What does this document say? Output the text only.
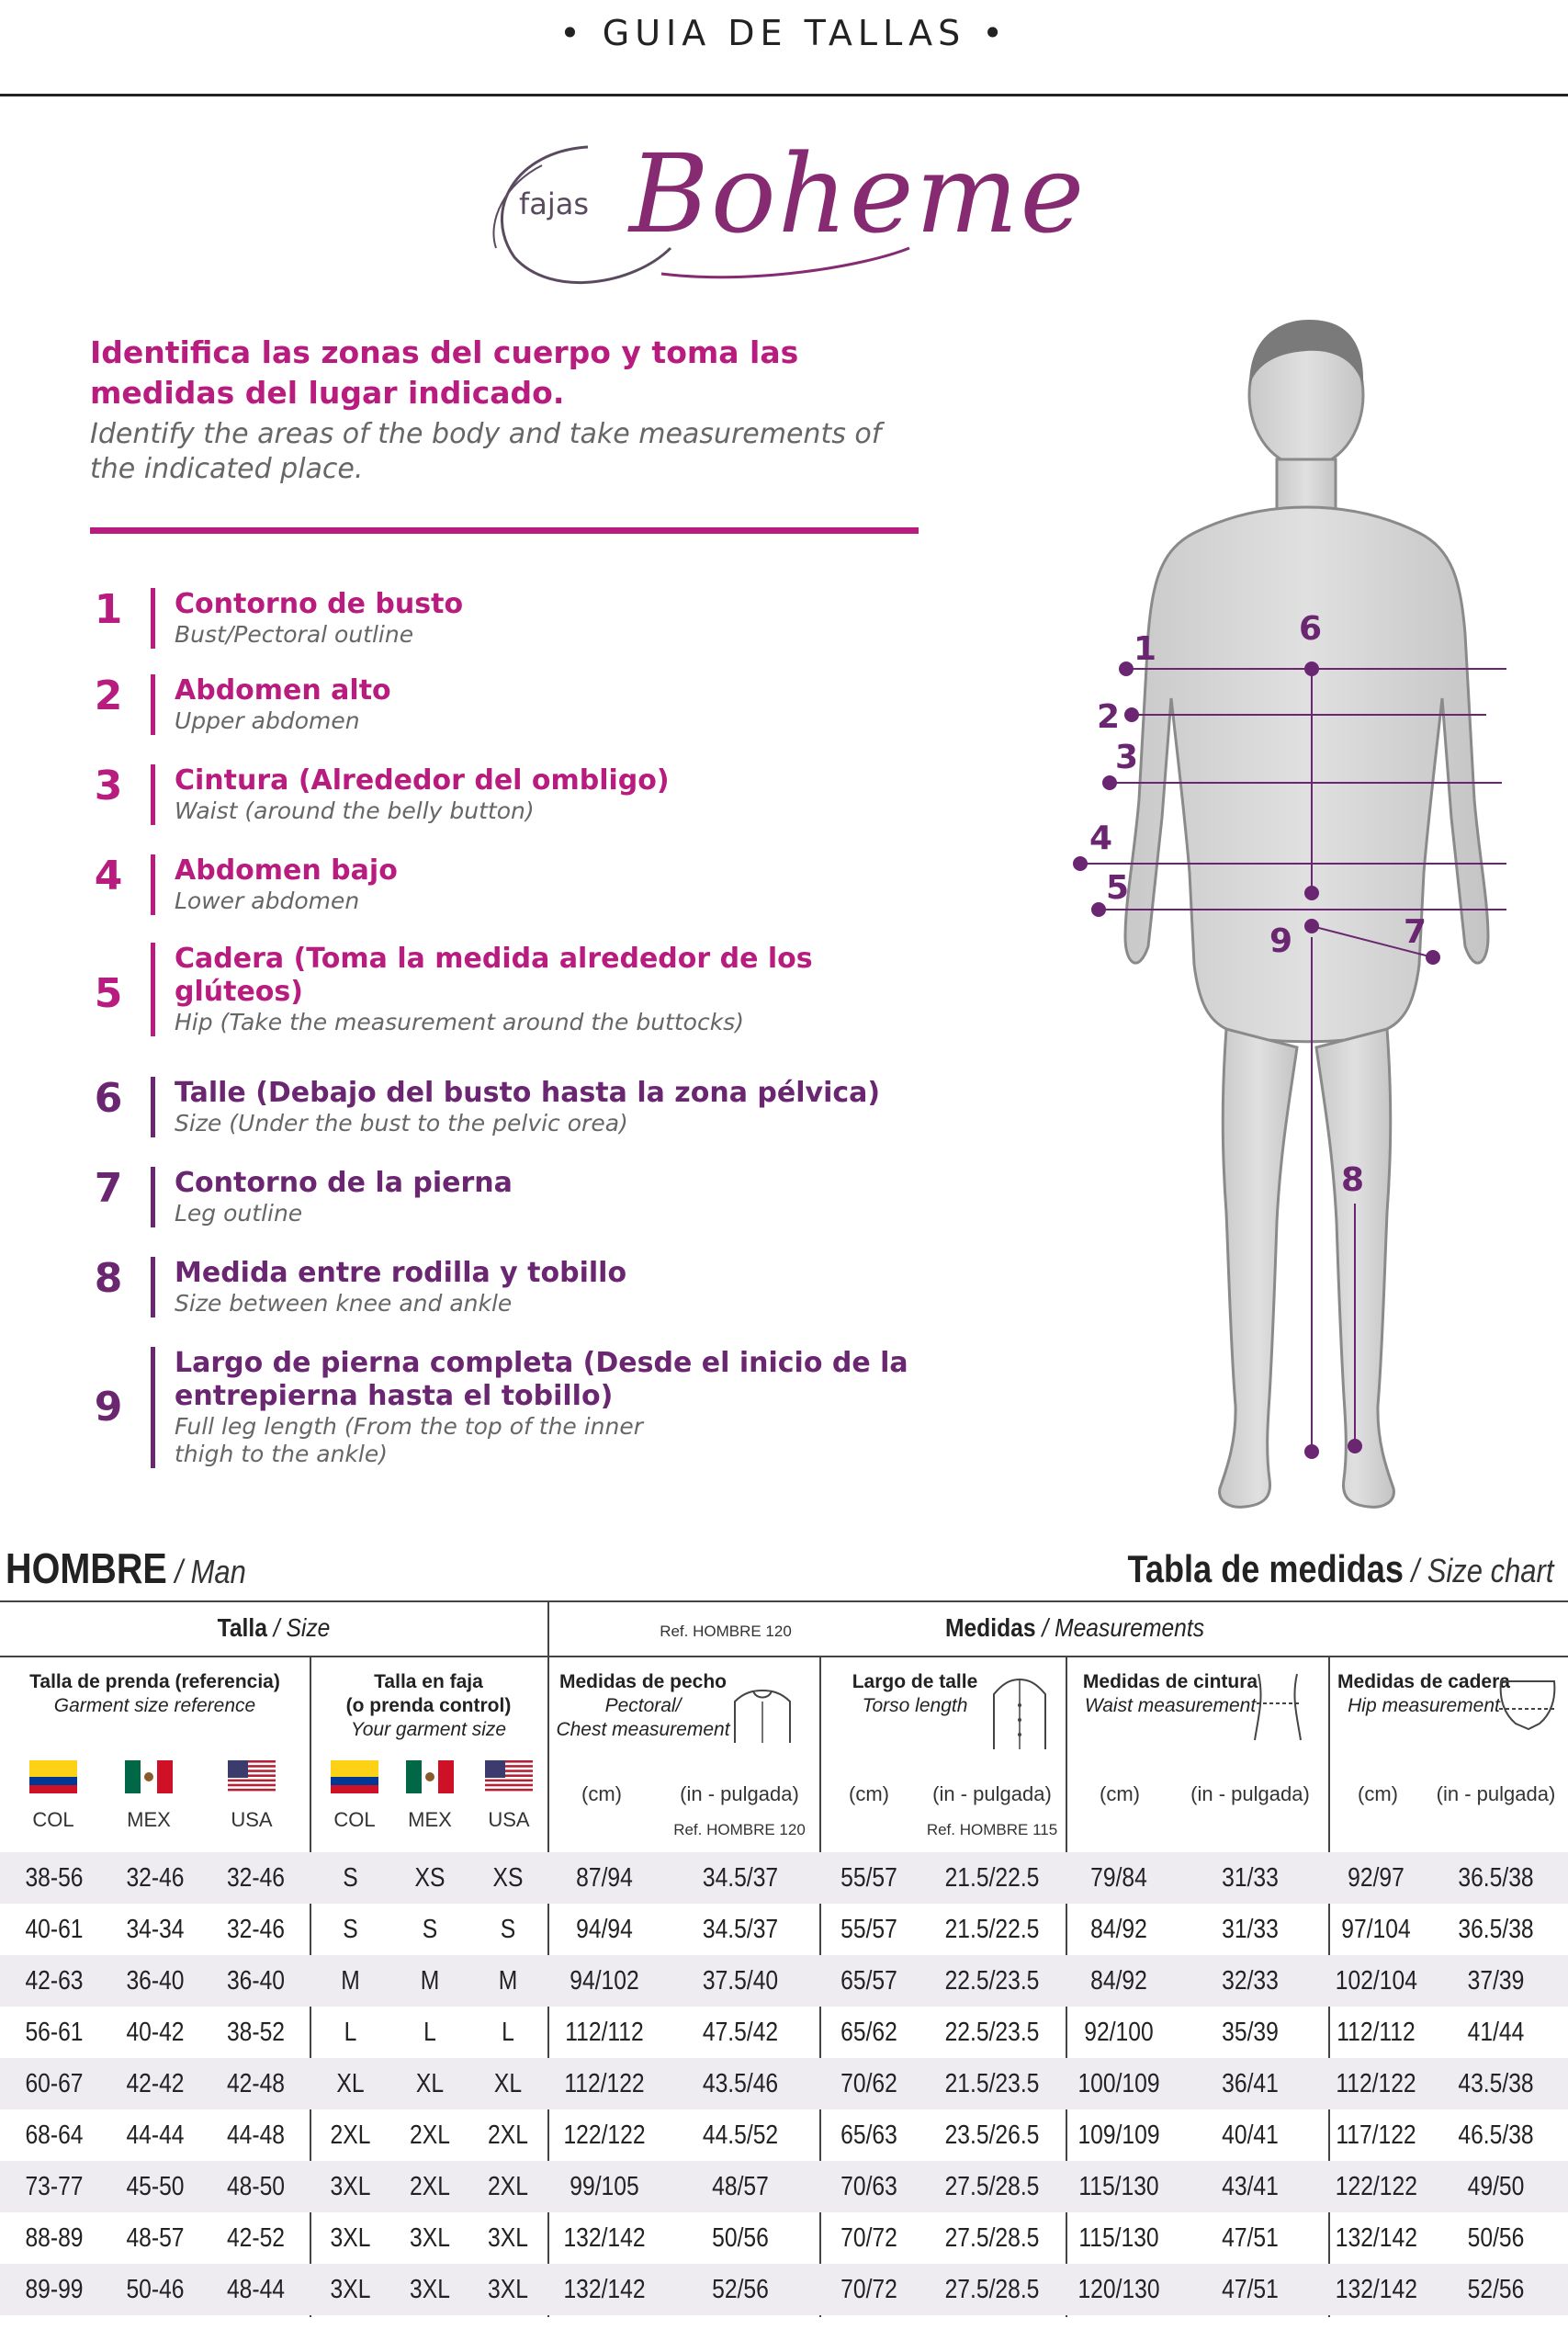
• GUIA DE TALLAS •
fajas Boheme
Identifica las zonas del cuerpo y toma las medidas del lugar indicado.
Identify the areas of the body and take measurements of the indicated place.
1 Contorno de busto
Bust/Pectoral outline
2 Abdomen alto
Upper abdomen
3 Cintura (Alrededor del ombligo)
Waist (around the belly button)
4 Abdomen bajo
Lower abdomen
5
Cadera (Toma la medida alrededor de los glúteos)
Hip (Take the measurement around the buttocks)
6 Talle (Debajo del busto hasta la zona pélvica)
Size (Under the bust to the pelvic orea)
7 Contorno de la pierna
Leg outline
8 Medida entre rodilla y tobillo
Size between knee and ankle
9
Largo de pierna completa (Desde el inicio de la entrepierna hasta el tobillo)
Full leg length (From the top of the inner thigh to the ankle)
1
2
3
4
5
6
7
8
9
HOMBRE / Man	Tabla de medidas / Size chart
Talla / Size	Ref. HOMBRE 120	Medidas / Measurements
Talla de prenda (referencia)
Garment size reference
Talla en faja
(o prenda control)
Your garment size
Medidas de pecho
Pectoral/
Chest measurement
Largo de talle
Torso length
Medidas de cintura
Waist measurement
Medidas de cadera
Hip measurement
COL	MEX	USA	COL	MEX	USA
(cm)	(in - pulgada)
Ref. HOMBRE 120
(cm)	(in - pulgada)
Ref. HOMBRE 115
(cm)	(in - pulgada)	(cm)	(in - pulgada)
38-56	32-46	32-46	S	XS	XS	87/94	34.5/37	55/57	21.5/22.5	79/84	31/33	92/97	36.5/38
40-61	34-34	32-46	S	S	S	94/94	34.5/37	55/57	21.5/22.5	84/92	31/33	97/104	36.5/38
42-63	36-40	36-40	M	M	M	94/102	37.5/40	65/57	22.5/23.5	84/92	32/33	102/104	37/39
56-61	40-42	38-52	L	L	L	112/112	47.5/42	65/62	22.5/23.5	92/100	35/39	112/112	41/44
60-67	42-42	42-48	XL	XL	XL	112/122	43.5/46	70/62	21.5/23.5	100/109	36/41	112/122	43.5/38
68-64	44-44	44-48	2XL	2XL	2XL	122/122	44.5/52	65/63	23.5/26.5	109/109	40/41	117/122	46.5/38
73-77	45-50	48-50	3XL	2XL	2XL	99/105	48/57	70/63	27.5/28.5	115/130	43/41	122/122	49/50
88-89	48-57	42-52	3XL	3XL	3XL	132/142	50/56	70/72	27.5/28.5	115/130	47/51	132/142	50/56
89-99	50-46	48-44	3XL	3XL	3XL	132/142	52/56	70/72	27.5/28.5	120/130	47/51	132/142	52/56
